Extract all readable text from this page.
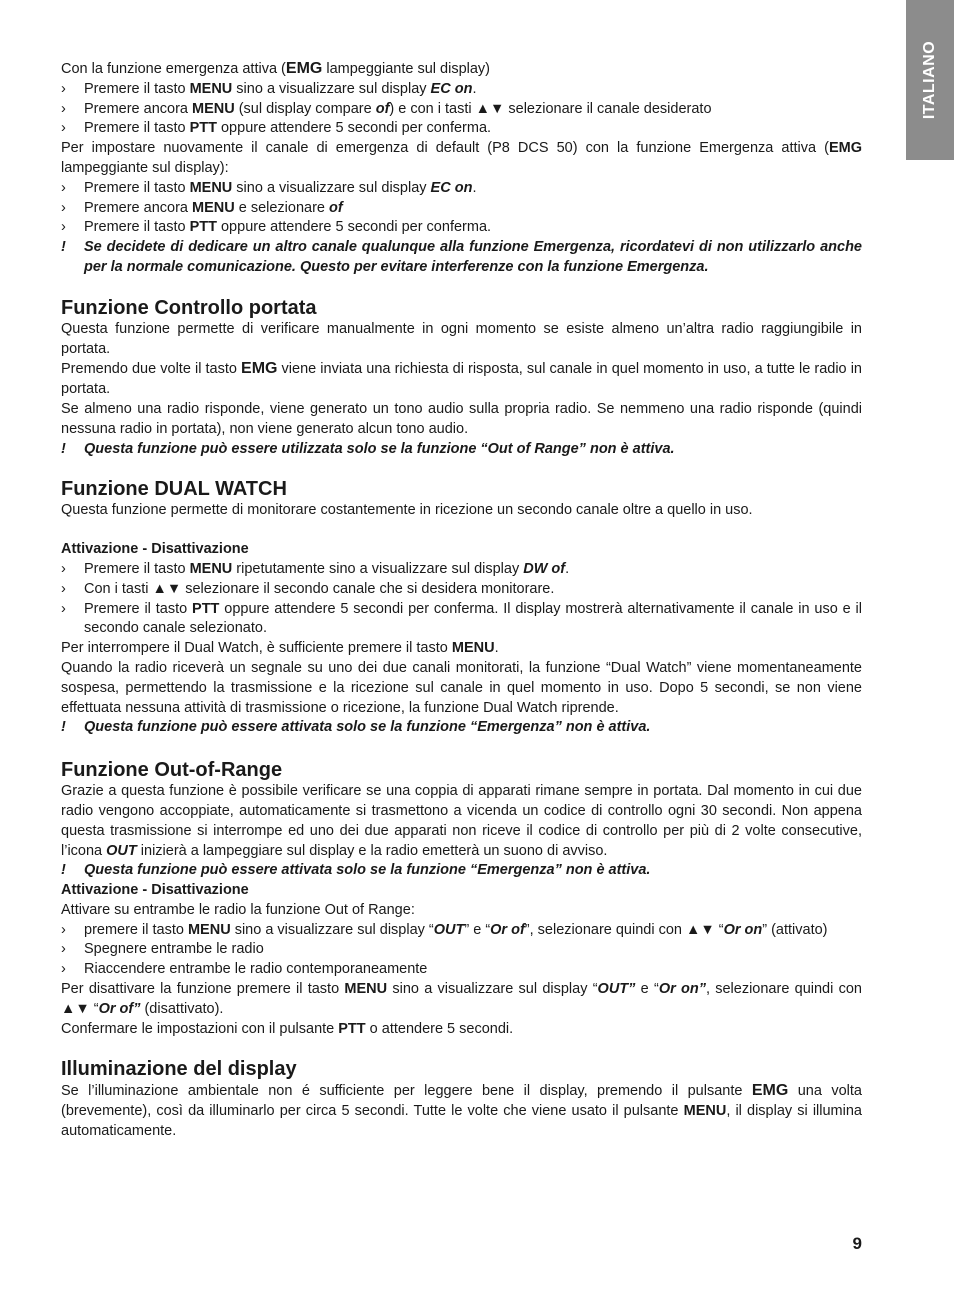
ITALIANO

Con la funzione emergenza attiva (EMG lampeggiante sul display)

›	Premere il tasto MENU sino a visualizzare sul display EC on.
›	Premere ancora MENU (sul display compare of) e con i tasti ▲▼ selezionare il canale desiderato
›	Premere il tasto PTT oppure attendere 5 secondi per conferma.

Per impostare nuovamente il canale di emergenza di default (P8 DCS 50) con la funzione Emergenza attiva (EMG lampeggiante sul display):

›	Premere il tasto MENU sino a visualizzare sul display EC on.
›	Premere ancora MENU e selezionare of
›	Premere il tasto PTT oppure attendere 5 secondi per conferma.
!	Se decidete di dedicare un altro canale qualunque alla funzione Emergenza, ricordatevi di non utilizzarlo anche per la normale comunicazione. Questo per evitare interferenze con la funzione Emergenza.
Funzione Controllo portata

Questa funzione permette di verificare manualmente in ogni momento se esiste almeno un’altra radio raggiungibile in portata.

Premendo due volte il tasto EMG viene inviata una richiesta di risposta, sul canale in quel momento in uso, a tutte le radio in portata.

Se almeno una radio risponde, viene generato un tono audio sulla propria radio. Se nemmeno una radio risponde (quindi nessuna radio in portata), non viene generato alcun tono audio.

!	Questa funzione può essere utilizzata solo se la funzione “Out of Range” non è attiva.
Funzione DUAL WATCH

Questa funzione permette di monitorare costantemente in ricezione un secondo canale oltre a quello in uso.

Attivazione - Disattivazione

›	Premere il tasto MENU ripetutamente sino a visualizzare sul display DW of.
›	Con i tasti ▲▼ selezionare il secondo canale che si desidera monitorare.
›	Premere il tasto PTT oppure attendere 5 secondi per conferma. Il display mostrerà alternativamente il canale in uso e il secondo canale selezionato.

Per interrompere il Dual Watch, è sufficiente premere il tasto MENU.

Quando la radio riceverà un segnale su uno dei due canali monitorati, la funzione “Dual Watch” viene momentaneamente sospesa, permettendo la trasmissione e la ricezione sul canale in quel momento in uso. Dopo 5 secondi, se non viene effettuata nessuna attività di trasmissione o ricezione, la funzione Dual Watch riprende.

!	Questa funzione può essere attivata solo se la funzione “Emergenza” non è attiva.
Funzione Out-of-Range

Grazie a questa funzione è possibile verificare se una coppia di apparati rimane sempre in portata. Dal momento in cui due radio vengono accoppiate, automaticamente si trasmettono a vicenda un codice di controllo ogni 30 secondi. Non appena questa trasmissione si interrompe ed uno dei due apparati non riceve il codice di controllo per più di 2 volte consecutive, l’icona OUT inizierà a lampeggiare sul display e la radio emetterà un suono di avviso.

!	Questa funzione può essere attivata solo se la funzione “Emergenza” non è attiva.

Attivazione - Disattivazione

Attivare su entrambe le radio la funzione Out of Range:

›	premere il tasto MENU sino a visualizzare sul display “OUT” e “Or of”, selezionare quindi con ▲▼ “Or on” (attivato)
›	Spegnere entrambe le radio
›	Riaccendere entrambe le radio contemporaneamente

Per disattivare la funzione premere il tasto MENU sino a visualizzare sul display “OUT” e “Or on”, selezionare quindi con ▲▼ “Or of” (disattivato).

Confermare le impostazioni con il pulsante PTT o attendere 5 secondi.

Illuminazione del display

Se l’illuminazione ambientale non é sufficiente per leggere bene il display, premendo il pulsante EMG una volta (brevemente), così da illuminarlo per circa 5 secondi. Tutte le volte che viene usato il pulsante MENU, il display si illumina automaticamente.

9
